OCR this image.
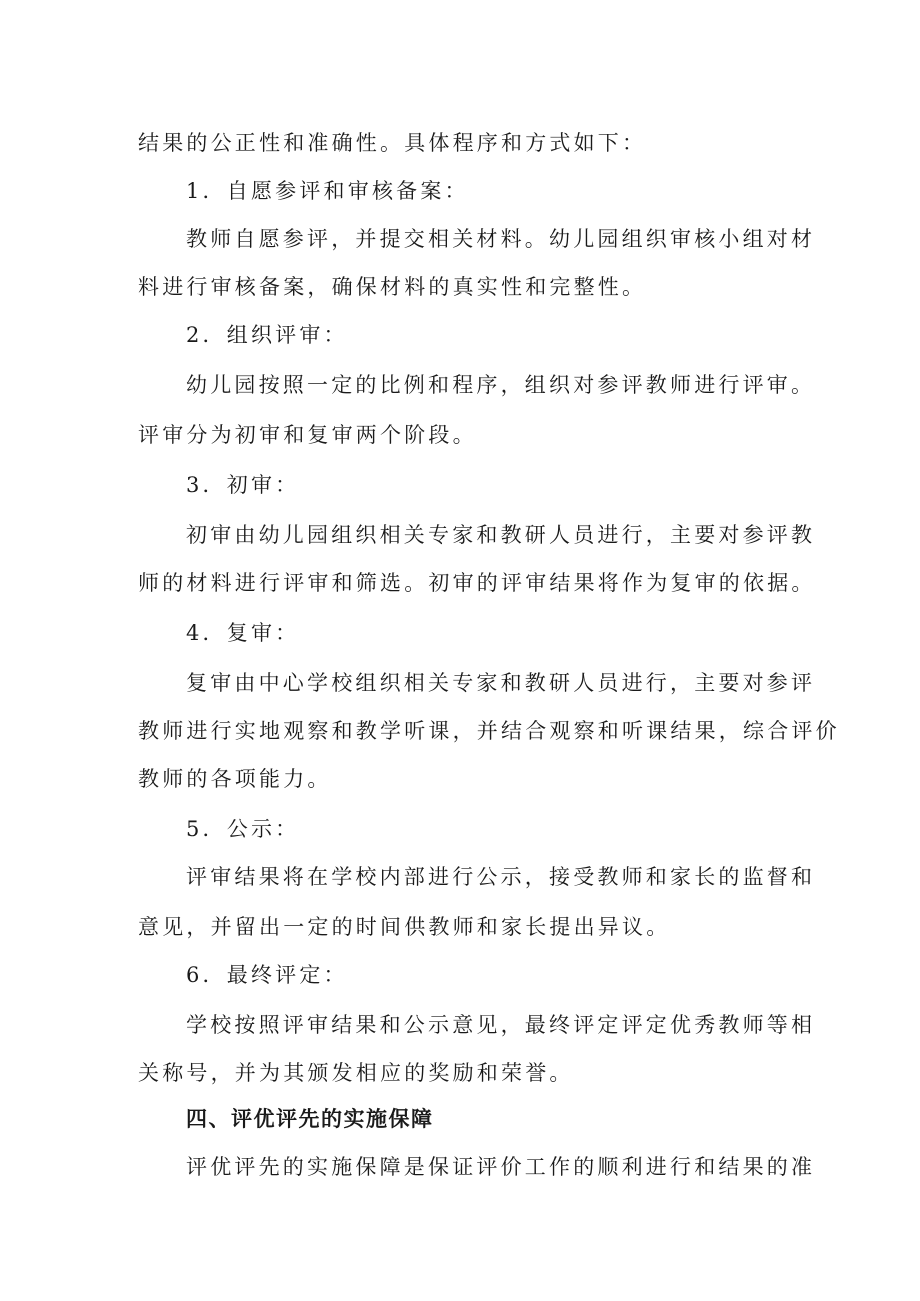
结果的公正性和准确性。具体程序和方式如下：
1．自愿参评和审核备案：
教师自愿参评，并提交相关材料。幼儿园组织审核小组对材
料进行审核备案，确保材料的真实性和完整性。
2．组织评审：
幼儿园按照一定的比例和程序，组织对参评教师进行评审。
评审分为初审和复审两个阶段。
3．初审：
初审由幼儿园组织相关专家和教研人员进行，主要对参评教
师的材料进行评审和筛选。初审的评审结果将作为复审的依据。
4．复审：
复审由中心学校组织相关专家和教研人员进行，主要对参评
教师进行实地观察和教学听课，并结合观察和听课结果，综合评价
教师的各项能力。
5．公示：
评审结果将在学校内部进行公示，接受教师和家长的监督和
意见，并留出一定的时间供教师和家长提出异议。
6．最终评定：
学校按照评审结果和公示意见，最终评定评定优秀教师等相
关称号，并为其颁发相应的奖励和荣誉。
四、评优评先的实施保障
评优评先的实施保障是保证评价工作的顺利进行和结果的准
